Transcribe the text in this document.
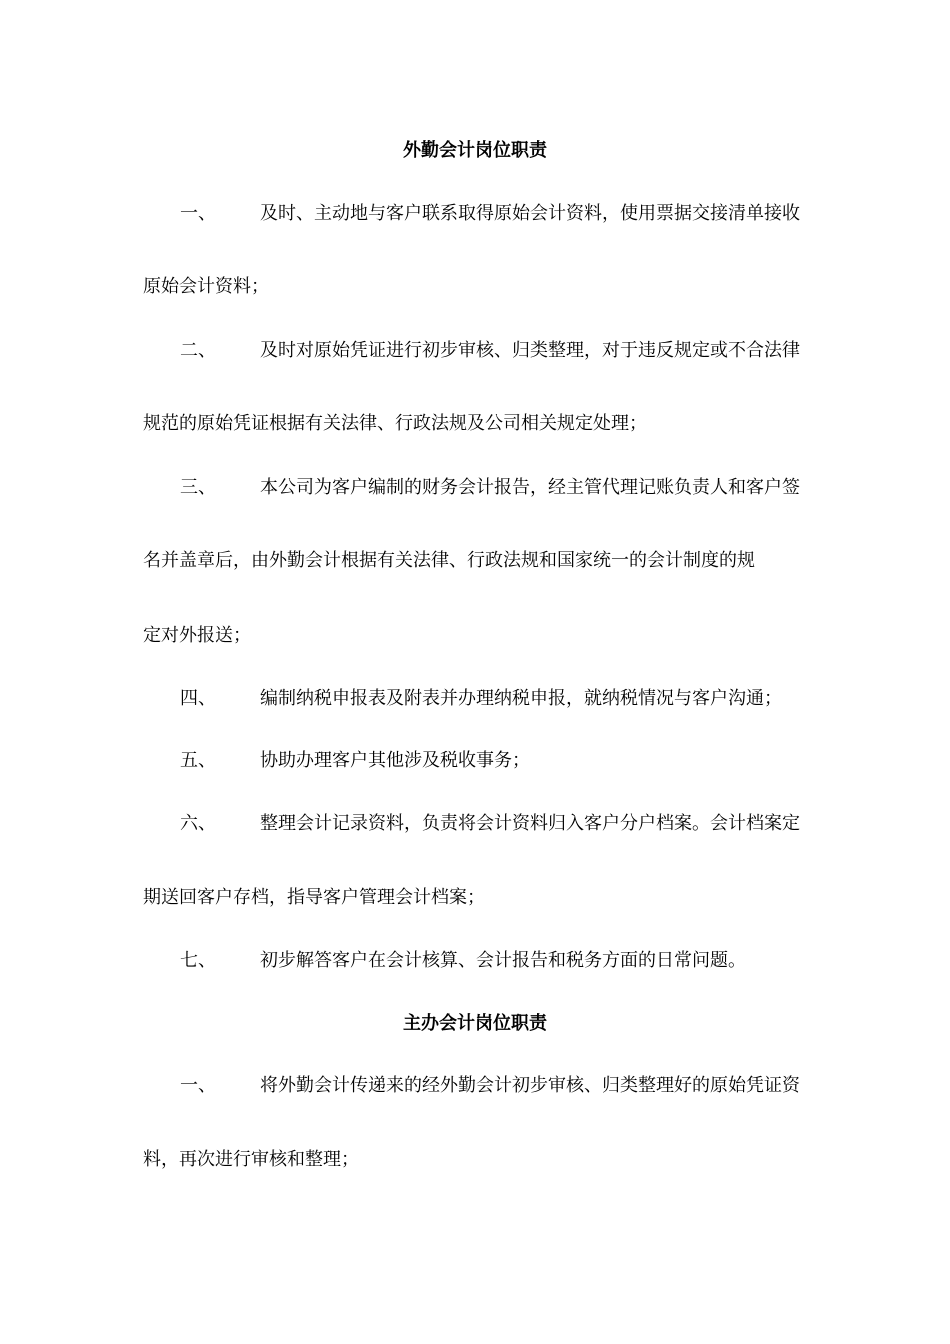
外勤会计岗位职责
一、 及时、主动地与客户联系取得原始会计资料，使用票据交接清单接收
原始会计资料；
二、 及时对原始凭证进行初步审核、归类整理，对于违反规定或不合法律
规范的原始凭证根据有关法律、行政法规及公司相关规定处理；
三、 本公司为客户编制的财务会计报告，经主管代理记账负责人和客户签
名并盖章后，由外勤会计根据有关法律、行政法规和国家统一的会计制度的规
定对外报送；
四、 编制纳税申报表及附表并办理纳税申报，就纳税情况与客户沟通；
五、 协助办理客户其他涉及税收事务；
六、 整理会计记录资料，负责将会计资料归入客户分户档案。会计档案定
期送回客户存档，指导客户管理会计档案；
七、 初步解答客户在会计核算、会计报告和税务方面的日常问题。
主办会计岗位职责
一、 将外勤会计传递来的经外勤会计初步审核、归类整理好的原始凭证资
料，再次进行审核和整理；
